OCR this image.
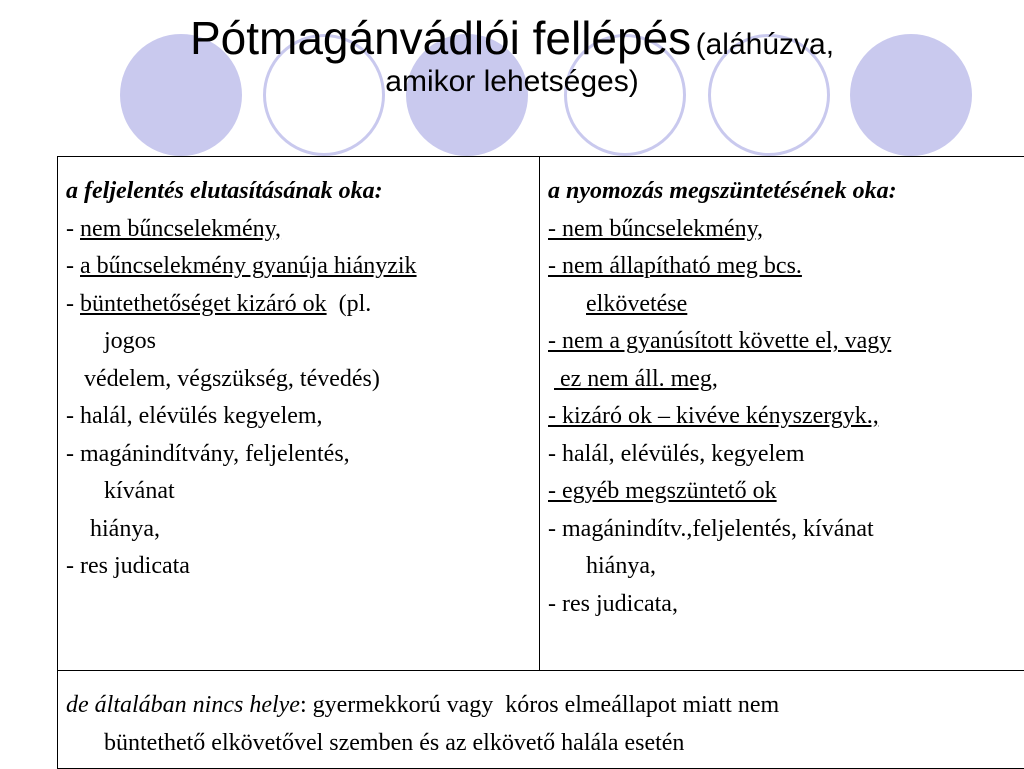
Pótmagánvádlói fellépés (aláhúzva,
amikor lehetséges)
a feljelentés elutasításának oka:
- nem bűncselekmény,
- a bűncselekmény gyanúja hiányzik
- büntethetőséget kizáró ok  (pl.
jogos
védelem, végszükség, tévedés)
- halál, elévülés kegyelem,
- magánindítvány, feljelentés,
kívánat
hiánya,
- res judicata

a nyomozás megszüntetésének oka:
- nem bűncselekmény,
- nem állapítható meg bcs.
elkövetése
- nem a gyanúsított követte el, vagy
ez nem áll. meg,
- kizáró ok – kivéve kényszergyk.,
- halál, elévülés, kegyelem
- egyéb megszüntető ok
- magánindítv.,feljelentés, kívánat
hiánya,
- res judicata,

de általában nincs helye: gyermekkorú vagy  kóros elmeállapot miatt nem
büntethető elkövetővel szemben és az elkövető halála esetén
